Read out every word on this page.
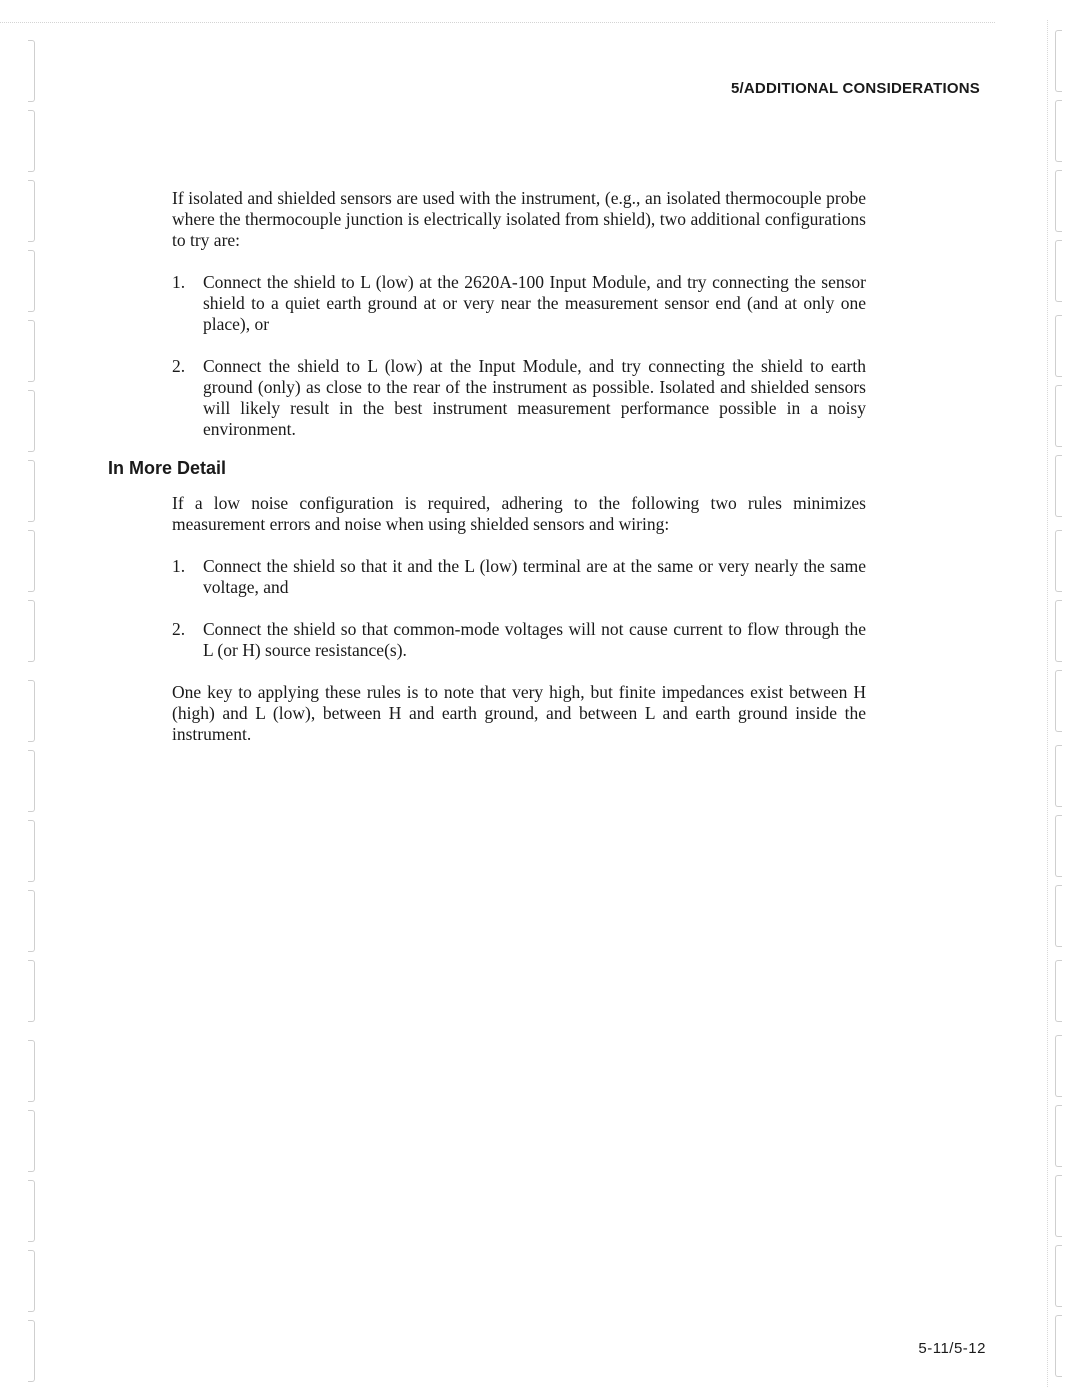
5/ADDITIONAL CONSIDERATIONS

If isolated and shielded sensors are used with the instrument, (e.g., an isolated thermocouple probe where the thermocouple junction is electrically isolated from shield), two additional configurations to try are:

1. Connect the shield to L (low) at the 2620A-100 Input Module, and try connecting the sensor shield to a quiet earth ground at or very near the measurement sensor end (and at only one place), or
2. Connect the shield to L (low) at the Input Module, and try connecting the shield to earth ground (only) as close to the rear of the instrument as possible. Isolated and shielded sensors will likely result in the best instrument measurement performance possible in a noisy environment.
In More Detail

If a low noise configuration is required, adhering to the following two rules minimizes measurement errors and noise when using shielded sensors and wiring:

1. Connect the shield so that it and the L (low) terminal are at the same or very nearly the same voltage, and
2. Connect the shield so that common-mode voltages will not cause current to flow through the L (or H) source resistance(s).

One key to applying these rules is to note that very high, but finite impedances exist between H (high) and L (low), between H and earth ground, and between L and earth ground inside the instrument.

5-11/5-12
